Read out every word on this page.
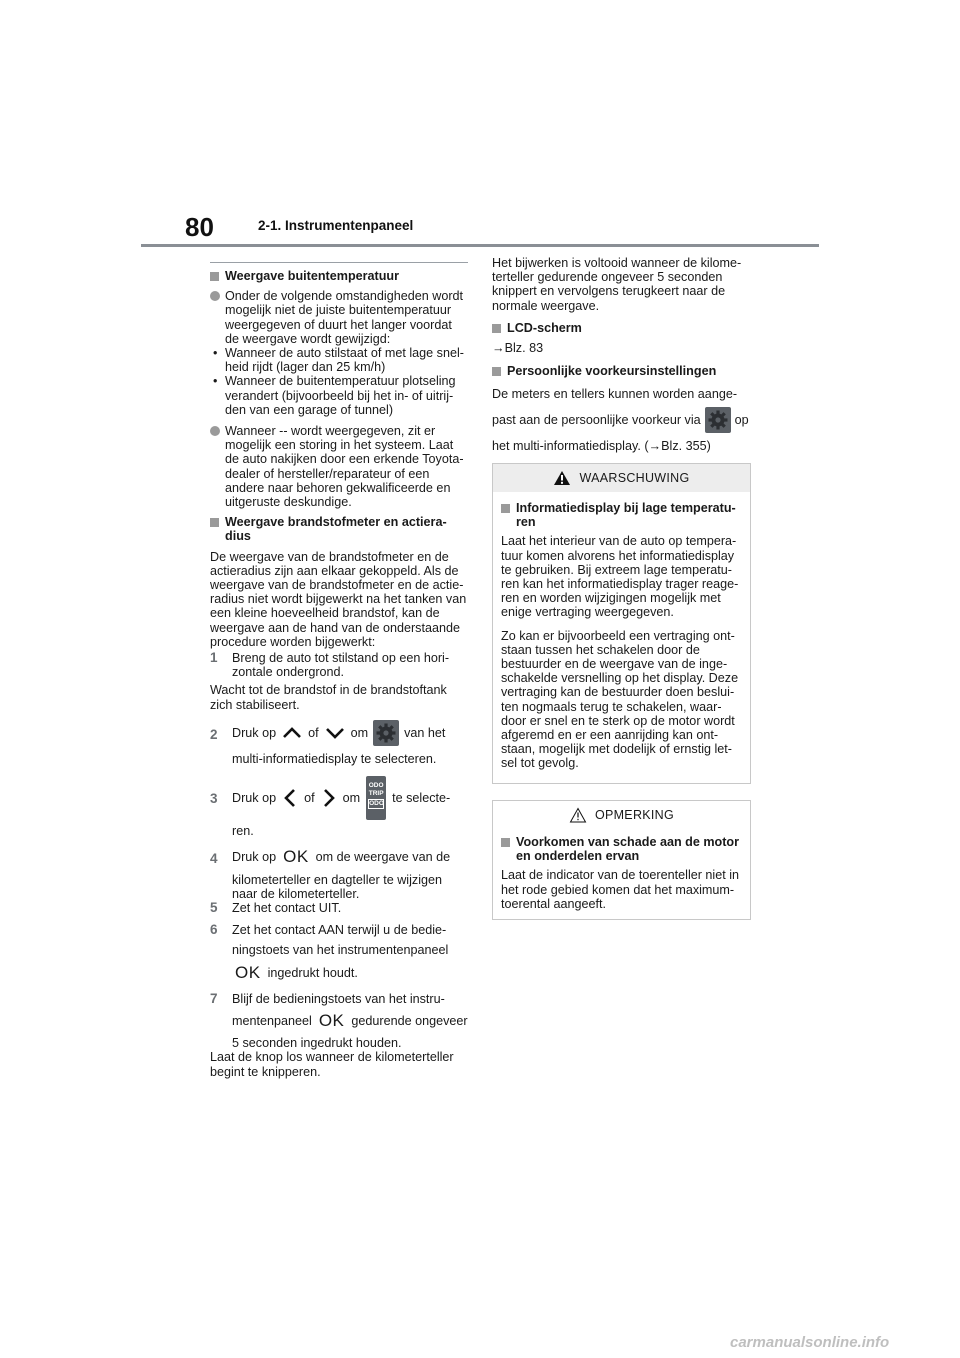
80	2-1. Instrumentenpaneel

Weergave buitentemperatuur

Onder de volgende omstandigheden wordt mogelijk niet de juiste buitentemperatuur weergegeven of duurt het langer voordat de weergave wordt gewijzigd:

• Wanneer de auto stilstaat of met lage snel-heid rijdt (lager dan 25 km/h)

• Wanneer de buitentemperatuur plotseling verandert (bijvoorbeeld bij het in- of uitrij-den van een garage of tunnel)

Wanneer -- wordt weergegeven, zit er mogelijk een storing in het systeem. Laat de auto nakijken door een erkende Toyota-dealer of hersteller/reparateur of een andere naar behoren gekwalificeerde en uitgeruste deskundige.

Weergave brandstofmeter en actiera-dius

De weergave van de brandstofmeter en de actieradius zijn aan elkaar gekoppeld. Als de weergave van de brandstofmeter en de actie-radius niet wordt bijgewerkt na het tanken van een kleine hoeveelheid brandstof, kan de weergave aan de hand van de onderstaande procedure worden bijgewerkt:

1 Breng de auto tot stilstand op een hori-zontale ondergrond.

Wacht tot de brandstof in de brandstoftank zich stabiliseert.

2 Druk op	of	om	van het
multi-informatiedisplay te selecteren.
3 Druk op of om
ODO
TRIP
ODO te selecte-
ren.
4 Druk op OK om de weergave van de
kilometerteller en dagteller te wijzigen naar de kilometerteller.
5 Zet het contact UIT.
6 Zet het contact AAN terwijl u de bedie-
ningstoets van het instrumentenpaneel
OK ingedrukt houdt.
7 Blijf de bedieningstoets van het instru-
mentenpaneel OK gedurende ongeveer
5 seconden ingedrukt houden.

Laat de knop los wanneer de kilometerteller begint te knipperen.

Het bijwerken is voltooid wanneer de kilome-terteller gedurende ongeveer 5 seconden knippert en vervolgens terugkeert naar de normale weergave.

LCD-scherm

→Blz. 83

Persoonlijke voorkeursinstellingen

De meters en tellers kunnen worden aange-

past aan de persoonlijke voorkeur via	op

het multi-informatiedisplay. (→Blz. 355)

WAARSCHUWING

Informatiedisplay bij lage temperatu-ren

Laat het interieur van de auto op tempera-tuur komen alvorens het informatiedisplay te gebruiken. Bij extreem lage temperatu-ren kan het informatiedisplay trager reage-ren en worden wijzigingen mogelijk met enige vertraging weergegeven.

Zo kan er bijvoorbeeld een vertraging ont-staan tussen het schakelen door de bestuurder en de weergave van de inge-schakelde versnelling op het display. Deze vertraging kan de bestuurder doen beslui-ten nogmaals terug te schakelen, waar-door er snel en te sterk op de motor wordt afgeremd en er een aanrijding kan ont-staan, mogelijk met dodelijk of ernstig let-sel tot gevolg.

OPMERKING

Voorkomen van schade aan de motor en onderdelen ervan

Laat de indicator van de toerenteller niet in het rode gebied komen dat het maximum-toerental aangeeft.

carmanualsonline.info
